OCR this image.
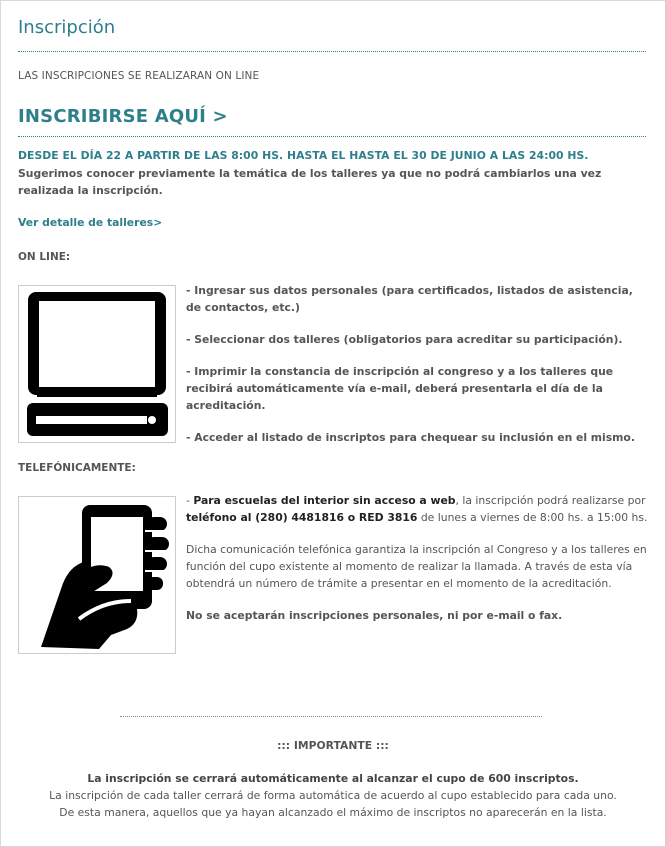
Inscripción
LAS INSCRIPCIONES SE REALIZARAN ON LINE
INSCRIBIRSE AQUÍ >
DESDE EL DÍA 22 A PARTIR DE LAS 8:00 HS. HASTA EL HASTA EL 30 DE JUNIO A LAS 24:00 HS.
Sugerimos conocer previamente la temática de los talleres ya que no podrá cambiarlos una vez realizada la inscripción.
Ver detalle de talleres>
ON LINE:

- Ingresar sus datos personales (para certificados, listados de asistencia, de contactos, etc.)

- Seleccionar dos talleres (obligatorios para acreditar su participación).

- Imprimir la constancia de inscripción al congreso y a los talleres que recibirá automáticamente vía e-mail, deberá presentarla el día de la acreditación.

- Acceder al listado de inscriptos para chequear su inclusión en el mismo.

TELEFÓNICAMENTE:

- Para escuelas del interior sin acceso a web, la inscripción podrá realizarse por teléfono al (280) 4481816 o RED 3816 de lunes a viernes de 8:00 hs. a 15:00 hs.

Dicha comunicación telefónica garantiza la inscripción al Congreso y a los talleres en función del cupo existente al momento de realizar la llamada. A través de esta vía obtendrá un número de trámite a presentar en el momento de la acreditación.

No se aceptarán inscripciones personales, ni por e-mail o fax.

::: IMPORTANTE :::
La inscripción se cerrará automáticamente al alcanzar el cupo de 600 inscriptos.
La inscripción de cada taller cerrará de forma automática de acuerdo al cupo establecido para cada uno.
De esta manera, aquellos que ya hayan alcanzado el máximo de inscriptos no aparecerán en la lista.
